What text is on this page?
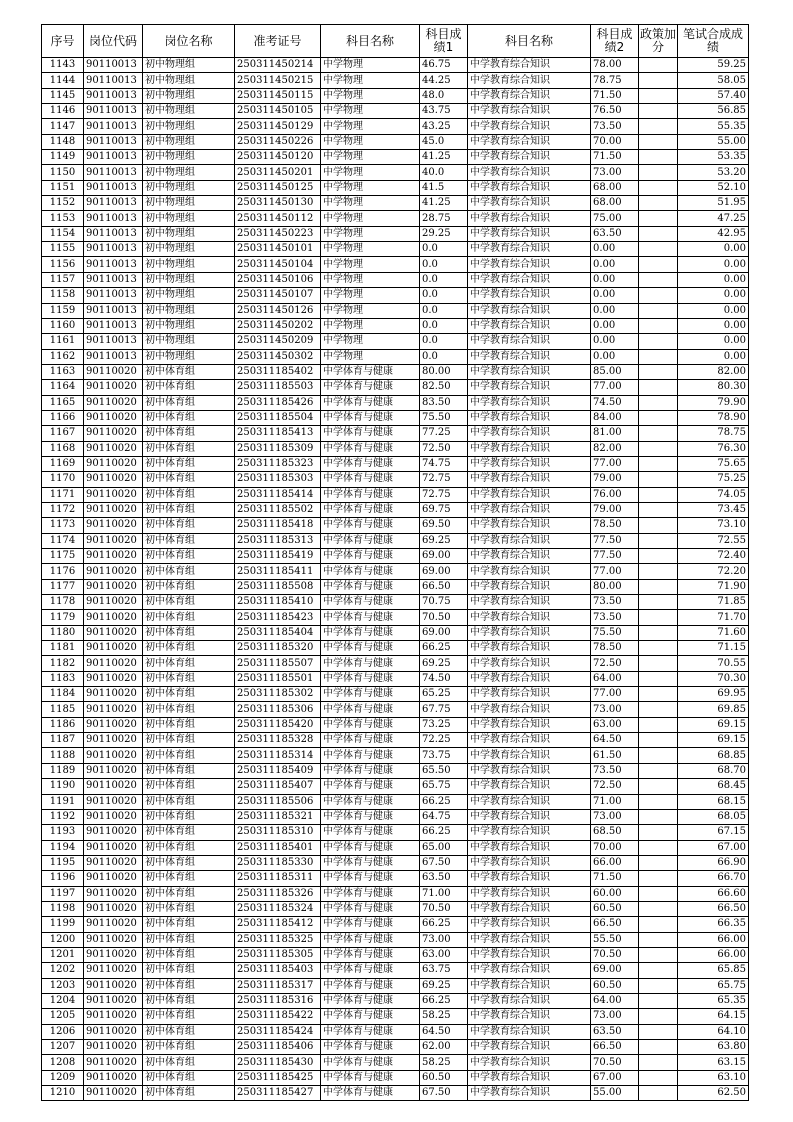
序号	岗位代码	岗位名称	准考证号	科目名称	科目成绩1	科目名称	科目成绩2	政策加分	笔试合成成绩
1143	90110013	初中物理组	250311450214	中学物理	46.75	中学教育综合知识	78.00		59.25
1144	90110013	初中物理组	250311450215	中学物理	44.25	中学教育综合知识	78.75		58.05
1145	90110013	初中物理组	250311450115	中学物理	48.0	中学教育综合知识	71.50		57.40
1146	90110013	初中物理组	250311450105	中学物理	43.75	中学教育综合知识	76.50		56.85
1147	90110013	初中物理组	250311450129	中学物理	43.25	中学教育综合知识	73.50		55.35
1148	90110013	初中物理组	250311450226	中学物理	45.0	中学教育综合知识	70.00		55.00
1149	90110013	初中物理组	250311450120	中学物理	41.25	中学教育综合知识	71.50		53.35
1150	90110013	初中物理组	250311450201	中学物理	40.0	中学教育综合知识	73.00		53.20
1151	90110013	初中物理组	250311450125	中学物理	41.5	中学教育综合知识	68.00		52.10
1152	90110013	初中物理组	250311450130	中学物理	41.25	中学教育综合知识	68.00		51.95
1153	90110013	初中物理组	250311450112	中学物理	28.75	中学教育综合知识	75.00		47.25
1154	90110013	初中物理组	250311450223	中学物理	29.25	中学教育综合知识	63.50		42.95
1155	90110013	初中物理组	250311450101	中学物理	0.0	中学教育综合知识	0.00		0.00
1156	90110013	初中物理组	250311450104	中学物理	0.0	中学教育综合知识	0.00		0.00
1157	90110013	初中物理组	250311450106	中学物理	0.0	中学教育综合知识	0.00		0.00
1158	90110013	初中物理组	250311450107	中学物理	0.0	中学教育综合知识	0.00		0.00
1159	90110013	初中物理组	250311450126	中学物理	0.0	中学教育综合知识	0.00		0.00
1160	90110013	初中物理组	250311450202	中学物理	0.0	中学教育综合知识	0.00		0.00
1161	90110013	初中物理组	250311450209	中学物理	0.0	中学教育综合知识	0.00		0.00
1162	90110013	初中物理组	250311450302	中学物理	0.0	中学教育综合知识	0.00		0.00
1163	90110020	初中体育组	250311185402	中学体育与健康	80.00	中学教育综合知识	85.00		82.00
1164	90110020	初中体育组	250311185503	中学体育与健康	82.50	中学教育综合知识	77.00		80.30
1165	90110020	初中体育组	250311185426	中学体育与健康	83.50	中学教育综合知识	74.50		79.90
1166	90110020	初中体育组	250311185504	中学体育与健康	75.50	中学教育综合知识	84.00		78.90
1167	90110020	初中体育组	250311185413	中学体育与健康	77.25	中学教育综合知识	81.00		78.75
1168	90110020	初中体育组	250311185309	中学体育与健康	72.50	中学教育综合知识	82.00		76.30
1169	90110020	初中体育组	250311185323	中学体育与健康	74.75	中学教育综合知识	77.00		75.65
1170	90110020	初中体育组	250311185303	中学体育与健康	72.75	中学教育综合知识	79.00		75.25
1171	90110020	初中体育组	250311185414	中学体育与健康	72.75	中学教育综合知识	76.00		74.05
1172	90110020	初中体育组	250311185502	中学体育与健康	69.75	中学教育综合知识	79.00		73.45
1173	90110020	初中体育组	250311185418	中学体育与健康	69.50	中学教育综合知识	78.50		73.10
1174	90110020	初中体育组	250311185313	中学体育与健康	69.25	中学教育综合知识	77.50		72.55
1175	90110020	初中体育组	250311185419	中学体育与健康	69.00	中学教育综合知识	77.50		72.40
1176	90110020	初中体育组	250311185411	中学体育与健康	69.00	中学教育综合知识	77.00		72.20
1177	90110020	初中体育组	250311185508	中学体育与健康	66.50	中学教育综合知识	80.00		71.90
1178	90110020	初中体育组	250311185410	中学体育与健康	70.75	中学教育综合知识	73.50		71.85
1179	90110020	初中体育组	250311185423	中学体育与健康	70.50	中学教育综合知识	73.50		71.70
1180	90110020	初中体育组	250311185404	中学体育与健康	69.00	中学教育综合知识	75.50		71.60
1181	90110020	初中体育组	250311185320	中学体育与健康	66.25	中学教育综合知识	78.50		71.15
1182	90110020	初中体育组	250311185507	中学体育与健康	69.25	中学教育综合知识	72.50		70.55
1183	90110020	初中体育组	250311185501	中学体育与健康	74.50	中学教育综合知识	64.00		70.30
1184	90110020	初中体育组	250311185302	中学体育与健康	65.25	中学教育综合知识	77.00		69.95
1185	90110020	初中体育组	250311185306	中学体育与健康	67.75	中学教育综合知识	73.00		69.85
1186	90110020	初中体育组	250311185420	中学体育与健康	73.25	中学教育综合知识	63.00		69.15
1187	90110020	初中体育组	250311185328	中学体育与健康	72.25	中学教育综合知识	64.50		69.15
1188	90110020	初中体育组	250311185314	中学体育与健康	73.75	中学教育综合知识	61.50		68.85
1189	90110020	初中体育组	250311185409	中学体育与健康	65.50	中学教育综合知识	73.50		68.70
1190	90110020	初中体育组	250311185407	中学体育与健康	65.75	中学教育综合知识	72.50		68.45
1191	90110020	初中体育组	250311185506	中学体育与健康	66.25	中学教育综合知识	71.00		68.15
1192	90110020	初中体育组	250311185321	中学体育与健康	64.75	中学教育综合知识	73.00		68.05
1193	90110020	初中体育组	250311185310	中学体育与健康	66.25	中学教育综合知识	68.50		67.15
1194	90110020	初中体育组	250311185401	中学体育与健康	65.00	中学教育综合知识	70.00		67.00
1195	90110020	初中体育组	250311185330	中学体育与健康	67.50	中学教育综合知识	66.00		66.90
1196	90110020	初中体育组	250311185311	中学体育与健康	63.50	中学教育综合知识	71.50		66.70
1197	90110020	初中体育组	250311185326	中学体育与健康	71.00	中学教育综合知识	60.00		66.60
1198	90110020	初中体育组	250311185324	中学体育与健康	70.50	中学教育综合知识	60.50		66.50
1199	90110020	初中体育组	250311185412	中学体育与健康	66.25	中学教育综合知识	66.50		66.35
1200	90110020	初中体育组	250311185325	中学体育与健康	73.00	中学教育综合知识	55.50		66.00
1201	90110020	初中体育组	250311185305	中学体育与健康	63.00	中学教育综合知识	70.50		66.00
1202	90110020	初中体育组	250311185403	中学体育与健康	63.75	中学教育综合知识	69.00		65.85
1203	90110020	初中体育组	250311185317	中学体育与健康	69.25	中学教育综合知识	60.50		65.75
1204	90110020	初中体育组	250311185316	中学体育与健康	66.25	中学教育综合知识	64.00		65.35
1205	90110020	初中体育组	250311185422	中学体育与健康	58.25	中学教育综合知识	73.00		64.15
1206	90110020	初中体育组	250311185424	中学体育与健康	64.50	中学教育综合知识	63.50		64.10
1207	90110020	初中体育组	250311185406	中学体育与健康	62.00	中学教育综合知识	66.50		63.80
1208	90110020	初中体育组	250311185430	中学体育与健康	58.25	中学教育综合知识	70.50		63.15
1209	90110020	初中体育组	250311185425	中学体育与健康	60.50	中学教育综合知识	67.00		63.10
1210	90110020	初中体育组	250311185427	中学体育与健康	67.50	中学教育综合知识	55.00		62.50
